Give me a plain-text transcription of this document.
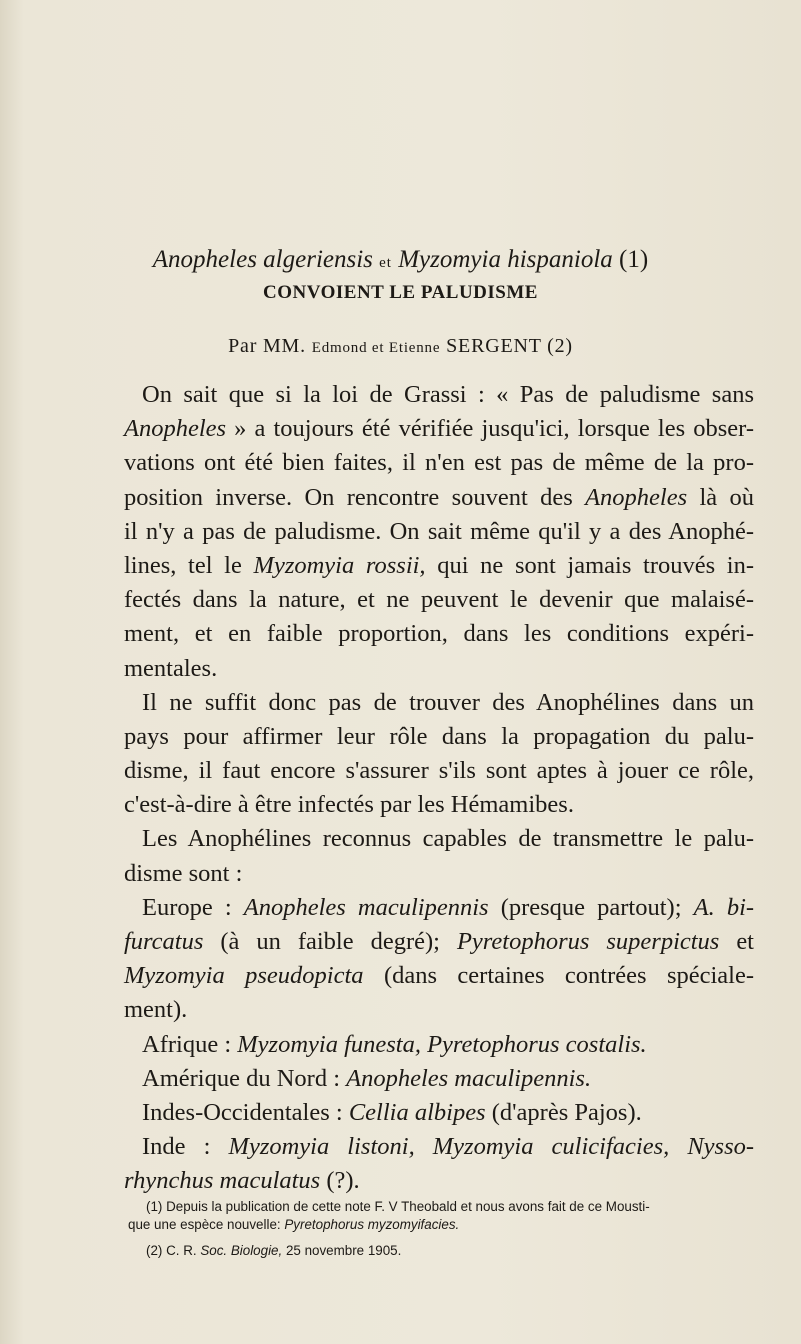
Anopheles algeriensis et Myzomyia hispaniola (1)
CONVOIENT LE PALUDISME
Par MM. Edmond et Etienne SERGENT (2)
On sait que si la loi de Grassi : « Pas de paludisme sans
Anopheles » a toujours été vérifiée jusqu'ici, lorsque les obser-
vations ont été bien faites, il n'en est pas de même de la pro-
position inverse. On rencontre souvent des Anopheles là où
il n'y a pas de paludisme. On sait même qu'il y a des Anophé-
lines, tel le Myzomyia rossii, qui ne sont jamais trouvés in-
fectés dans la nature, et ne peuvent le devenir que malaisé-
ment, et en faible proportion, dans les conditions expéri-
mentales.
Il ne suffit donc pas de trouver des Anophélines dans un
pays pour affirmer leur rôle dans la propagation du palu-
disme, il faut encore s'assurer s'ils sont aptes à jouer ce rôle,
c'est-à-dire à être infectés par les Hémamibes.
Les Anophélines reconnus capables de transmettre le palu-
disme sont :
Europe : Anopheles maculipennis (presque partout); A. bi-
furcatus (à un faible degré); Pyretophorus superpictus et
Myzomyia pseudopicta (dans certaines contrées spéciale-
ment).
Afrique : Myzomyia funesta, Pyretophorus costalis.
Amérique du Nord : Anopheles maculipennis.
Indes-Occidentales : Cellia albipes (d'après Pajos).
Inde : Myzomyia listoni, Myzomyia culicifacies, Nysso-
rhynchus maculatus (?).
(1) Depuis la publication de cette note F. V Theobald et nous avons fait de ce Mousti-
que une espèce nouvelle: Pyretophorus myzomyifacies.
(2) C. R. Soc. Biologie, 25 novembre 1905.
